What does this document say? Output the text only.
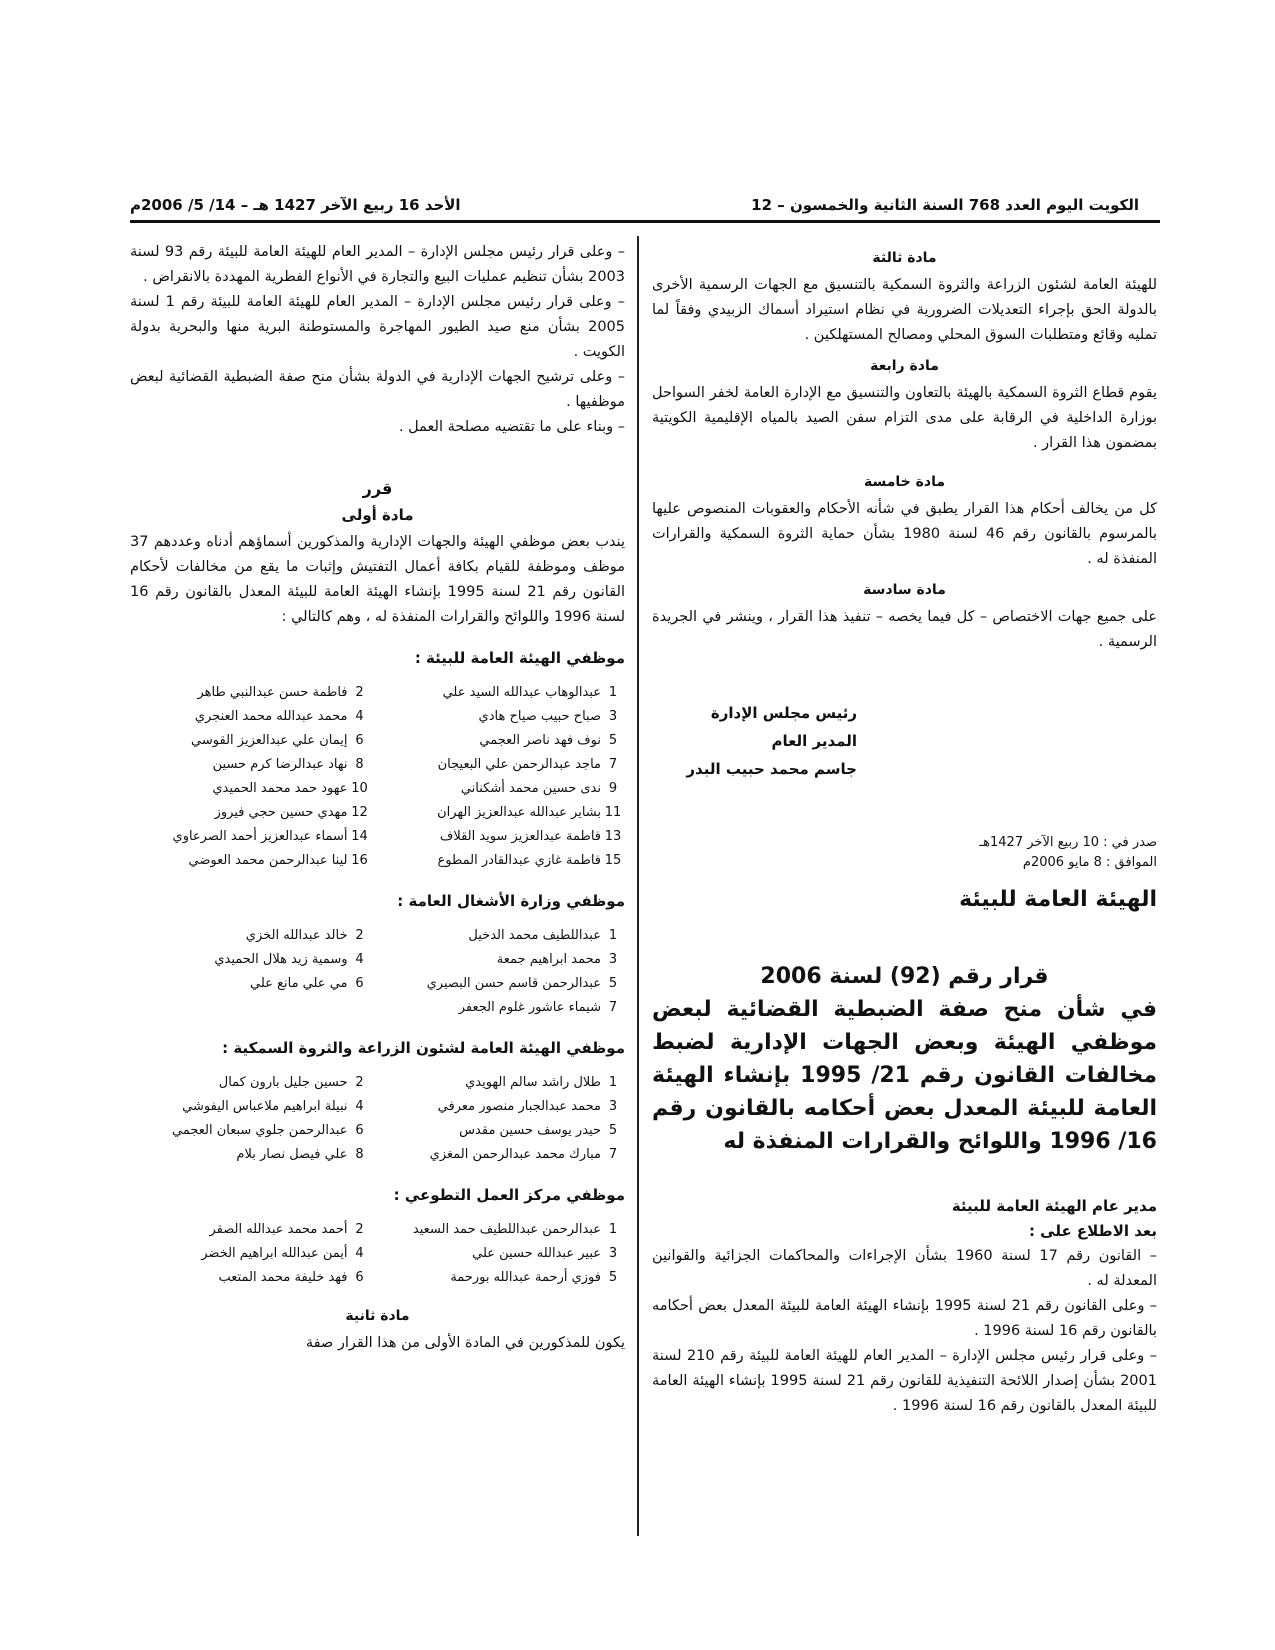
الكويت اليوم العدد 768 السنة الثانية والخمسون – 12
الأحد 16 ربيع الآخر 1427 هـ – 14/ 5/ 2006م
مادة ثالثة

للهيئة العامة لشئون الزراعة والثروة السمكية بالتنسيق مع الجهات الرسمية الأخرى بالدولة الحق بإجراء التعديلات الضرورية في نظام استيراد أسماك الزبيدي وفقاً لما تمليه وقائع ومتطلبات السوق المحلي ومصالح المستهلكين .

مادة رابعة

يقوم قطاع الثروة السمكية بالهيئة بالتعاون والتنسيق مع الإدارة العامة لخفر السواحل بوزارة الداخلية في الرقابة على مدى التزام سفن الصيد بالمياه الإقليمية الكويتية بمضمون هذا القرار .

مادة خامسة

كل من يخالف أحكام هذا القرار يطبق في شأنه الأحكام والعقوبات المنصوص عليها بالمرسوم بالقانون رقم 46 لسنة 1980 بشأن حماية الثروة السمكية والقرارات المنفذة له .

مادة سادسة

على جميع جهات الاختصاص – كل فيما يخصه – تنفيذ هذا القرار ، وينشر في الجريدة الرسمية .

رئيس مجلس الإدارة
المدير العام
جاسم محمد حبيب البدر
صدر في : 10 ربيع الآخر 1427هـ
الموافق : 8 مايو 2006م
الهيئة العامة للبيئة
قرار رقم (92) لسنة 2006
في شأن منح صفة الضبطية القضائية لبعض موظفي الهيئة وبعض الجهات الإدارية لضبط مخالفات القانون رقم 21/ 1995 بإنشاء الهيئة العامة للبيئة المعدل بعض أحكامه بالقانون رقم 16/ 1996 واللوائح والقرارات المنفذة له
مدير عام الهيئة العامة للبيئة
بعد الاطلاع على :

– القانون رقم 17 لسنة 1960 بشأن الإجراءات والمحاكمات الجزائية والقوانين المعدلة له .

– وعلى القانون رقم 21 لسنة 1995 بإنشاء الهيئة العامة للبيئة المعدل بعض أحكامه بالقانون رقم 16 لسنة 1996 .

– وعلى قرار رئيس مجلس الإدارة – المدير العام للهيئة العامة للبيئة رقم 210 لسنة 2001 بشأن إصدار اللائحة التنفيذية للقانون رقم 21 لسنة 1995 بإنشاء الهيئة العامة للبيئة المعدل بالقانون رقم 16 لسنة 1996 .

– وعلى قرار رئيس مجلس الإدارة – المدير العام للهيئة العامة للبيئة رقم 93 لسنة 2003 بشأن تنظيم عمليات البيع والتجارة في الأنواع الفطرية المهددة بالانقراض .

– وعلى قرار رئيس مجلس الإدارة – المدير العام للهيئة العامة للبيئة رقم 1 لسنة 2005 بشأن منع صيد الطيور المهاجرة والمستوطنة البرية منها والبحرية بدولة الكويت .

– وعلى ترشيح الجهات الإدارية في الدولة بشأن منح صفة الضبطية القضائية لبعض موظفيها .

– وبناء على ما تقتضيه مصلحة العمل .

قرر
مادة أولى

يندب بعض موظفي الهيئة والجهات الإدارية والمذكورين أسماؤهم أدناه وعددهم 37 موظف وموظفة للقيام بكافة أعمال التفتيش وإثبات ما يقع من مخالفات لأحكام القانون رقم 21 لسنة 1995 بإنشاء الهيئة العامة للبيئة المعدل بالقانون رقم 16 لسنة 1996 واللوائح والقرارات المنفذة له ، وهم كالتالي :

موظفي الهيئة العامة للبيئة :
1
عبدالوهاب عبدالله السيد علي
2
فاطمة حسن عبدالنبي طاهر
3
صباح حبيب صياح هادي
4
محمد عبدالله محمد العنجري
5
نوف فهد ناصر العجمي
6
إيمان علي عبدالعزيز القوسي
7
ماجد عبدالرحمن علي البعيجان
8
نهاد عبدالرضا كرم حسين
9
ندى حسين محمد أشكناني
10
عهود حمد محمد الحميدي
11
بشاير عبدالله عبدالعزيز الهران
12
مهدي حسين حجي فيروز
13
فاطمة عبدالعزيز سويد القلاف
14
أسماء عبدالعزيز أحمد الصرعاوي
15
فاطمة غازي عبدالقادر المطوع
16
لينا عبدالرحمن محمد العوضي
موظفي وزارة الأشغال العامة :
1
عبداللطيف محمد الدخيل
2
خالد عبدالله الخزي
3
محمد ابراهيم جمعة
4
وسمية زيد هلال الحميدي
5
عبدالرحمن قاسم حسن البصيري
6
مي علي مانع علي
7
شيماء عاشور غلوم الجعفر
موظفي الهيئة العامة لشئون الزراعة والثروة السمكية :
1
طلال راشد سالم الهويدي
2
حسين جليل بارون كمال
3
محمد عبدالجبار منصور معرفي
4
نبيلة ابراهيم ملاعباس اليفوشي
5
حيدر يوسف حسين مقدس
6
عبدالرحمن جلوي سبعان العجمي
7
مبارك محمد عبدالرحمن المغزي
8
علي فيصل نصار بلام
موظفي مركز العمل التطوعي :
1
عبدالرحمن عبداللطيف حمد السعيد
2
أحمد محمد عبدالله الصقر
3
عبير عبدالله حسين علي
4
أيمن عبدالله ابراهيم الخضر
5
فوزي أرحمة عبدالله بورحمة
6
فهد خليفة محمد المتعب
مادة ثانية

يكون للمذكورين في المادة الأولى من هذا القرار صفة
